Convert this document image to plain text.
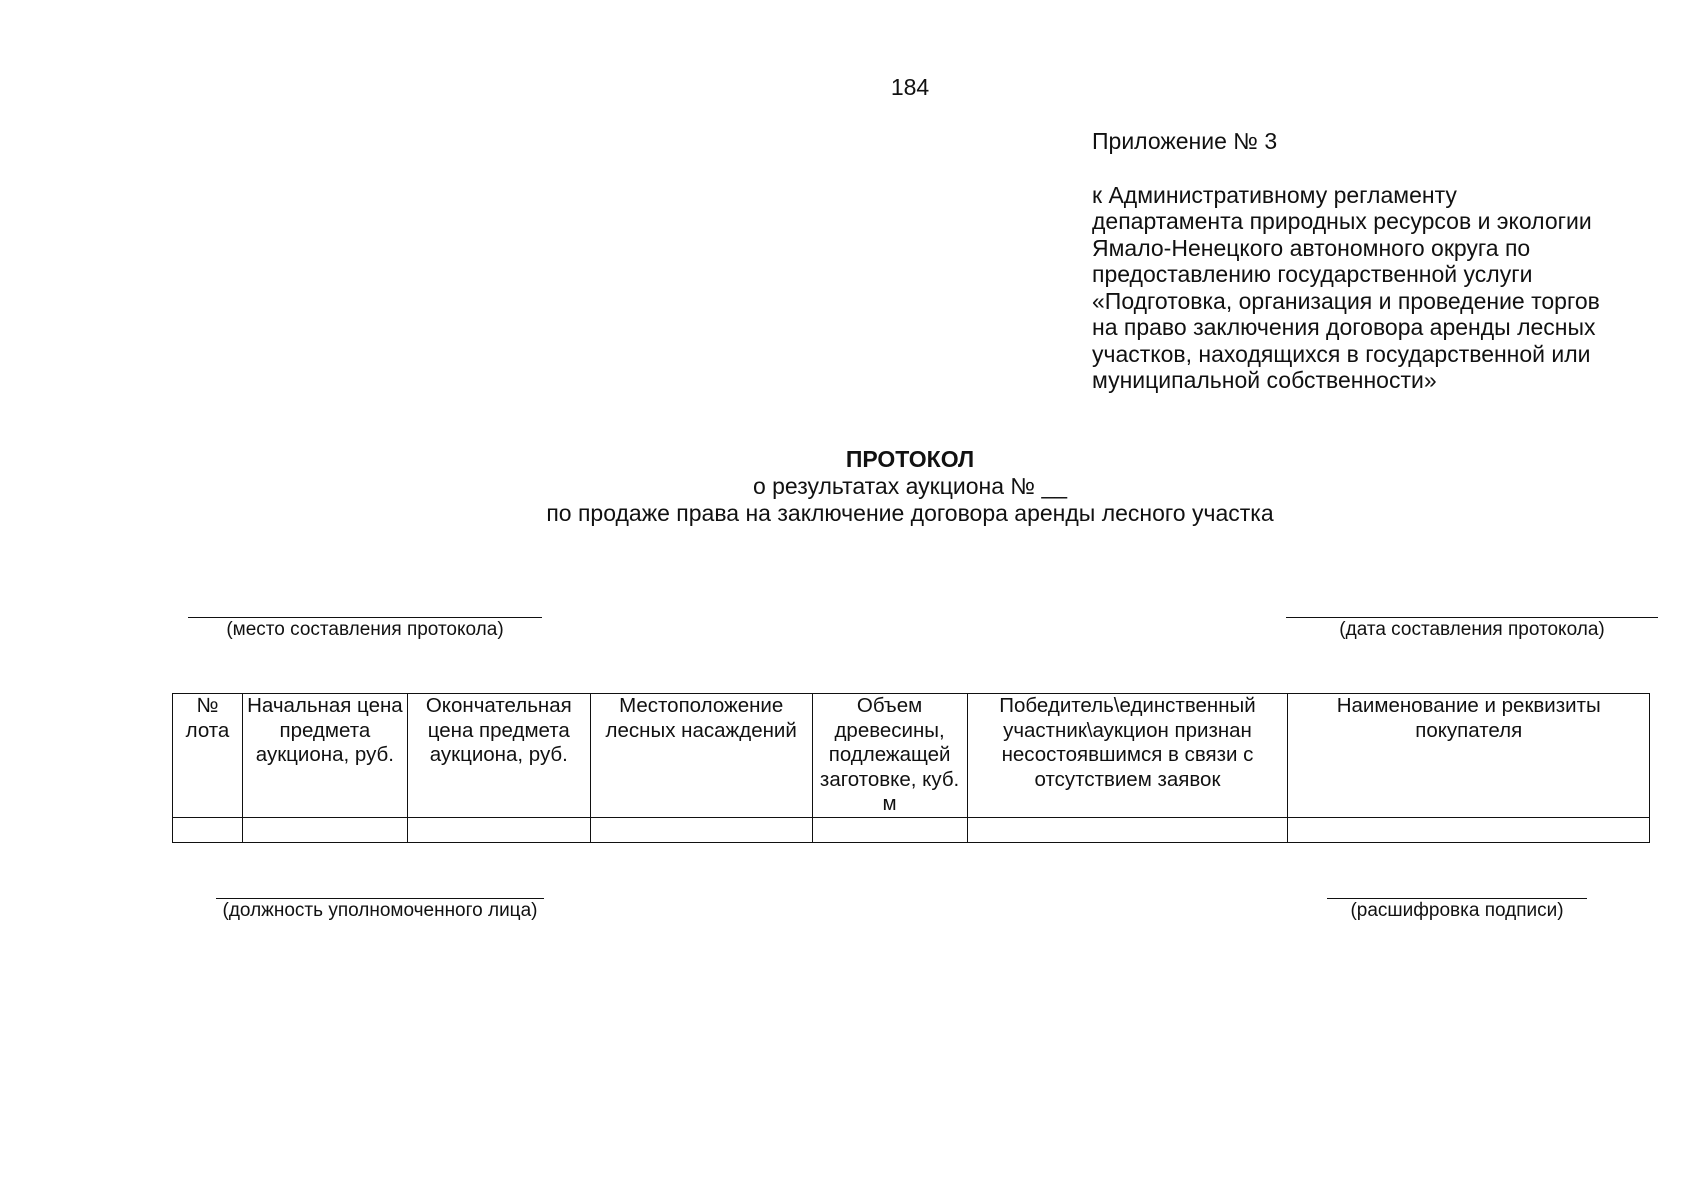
184
Приложение № 3
к Административному регламенту
департамента природных ресурсов и экологии
Ямало-Ненецкого автономного округа по
предоставлению государственной услуги
«Подготовка, организация и проведение торгов
на право заключения договора аренды лесных
участков, находящихся в государственной или
муниципальной собственности»
ПРОТОКОЛ
о результатах аукциона № __
по продаже права на заключение договора аренды лесного участка
(место составления протокола)	(дата составления протокола)
№ лота	Начальная цена предмета аукциона, руб.	Окончательная цена предмета аукциона, руб.	Местоположение лесных насаждений	Объем древесины, подлежащей заготовке, куб. м	Победитель\единственный участник\аукцион признан несостоявшимся в связи с отсутствием заявок	Наименование и реквизиты покупателя

(должность уполномоченного лица)	(расшифровка подписи)
